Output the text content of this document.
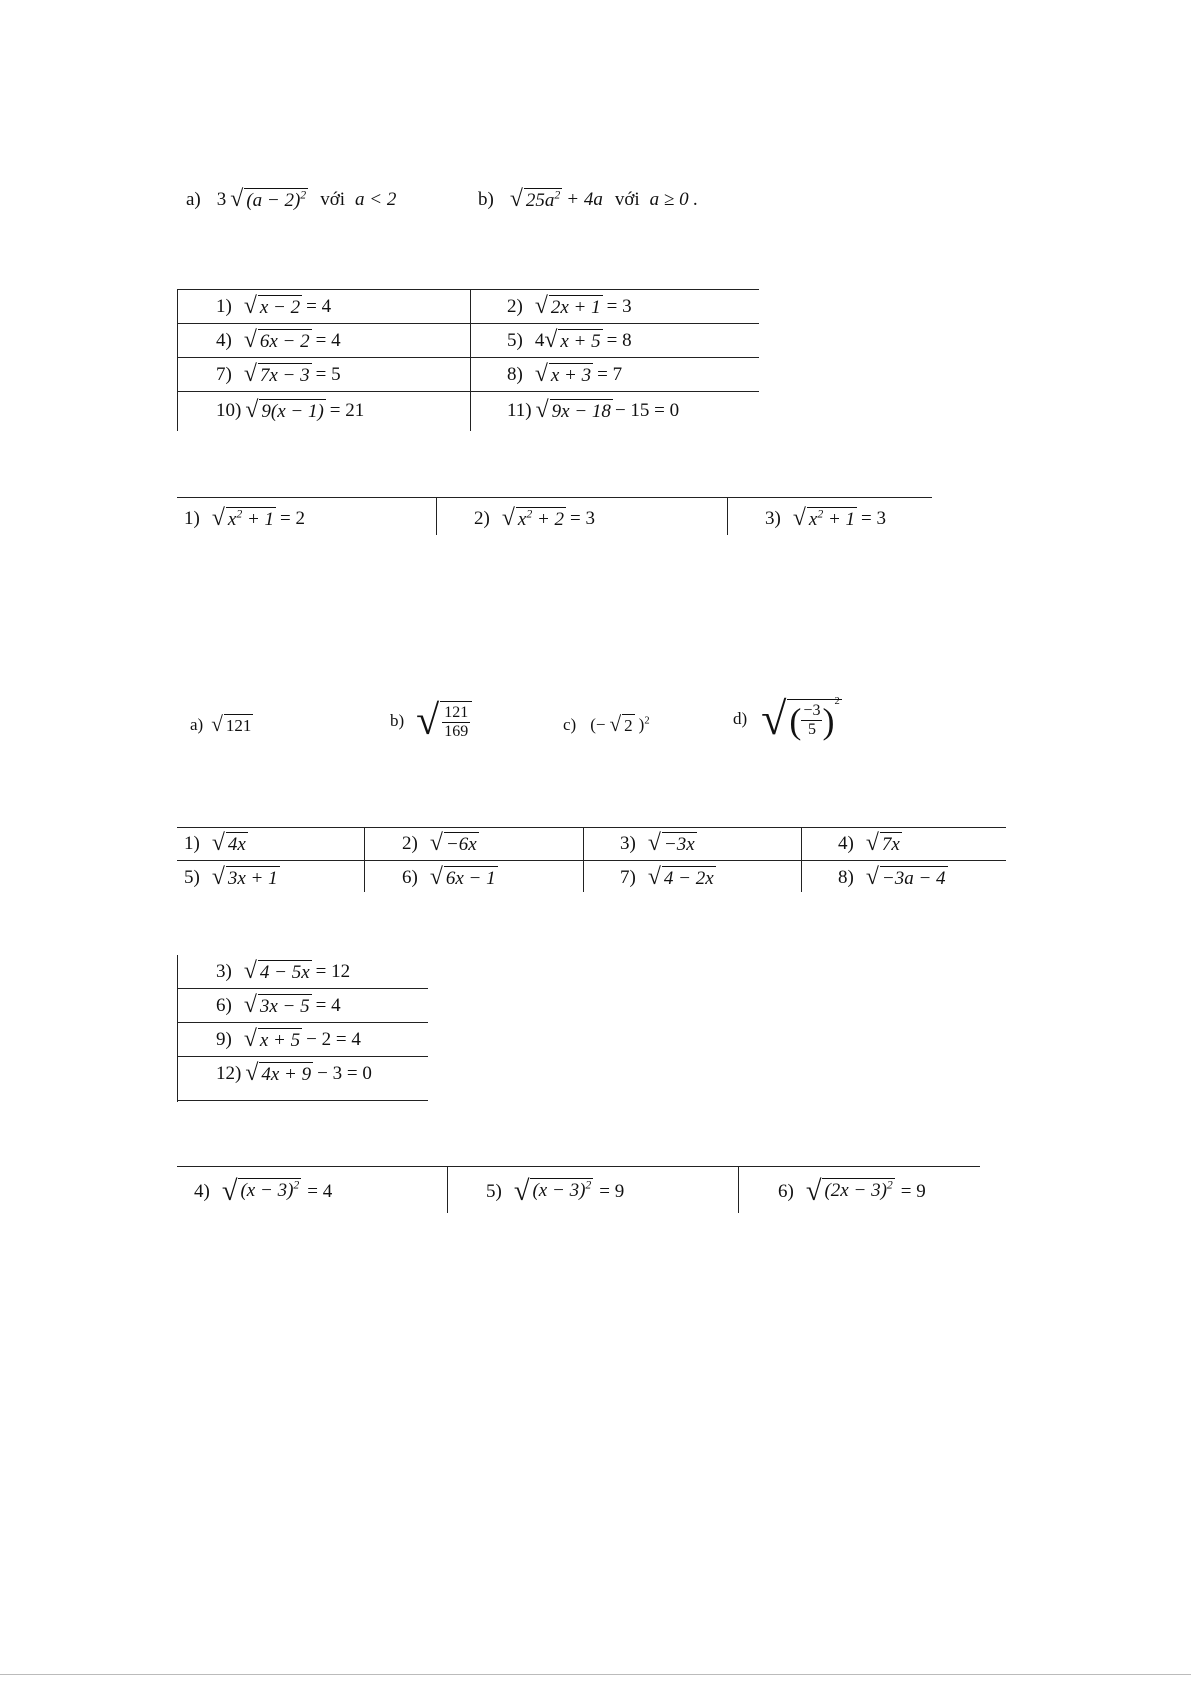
a) 3 √ $(a - 2)^2$ với a < 2	b) √ $25a^2 + 4a$ với a ≥ 0 .
1) √ x − 2 = 4	2) √ 2x + 1 = 3
4) √ 6x − 2 = 4	5) 4 √ x + 5 = 8
7) √ 7x − 3 = 5	8) √ x + 3 = 7
10) √ 9(x − 1) = 21	11) √ 9x − 18 − 15 = 0
1) √ $x^2 + 1 = 2$	2) √ $x^2 + 2 = 3$	3) √ $x^2 + 1 = 3$
a) √ 121	b) √ $\frac{121}{169}$	c) (− √ 2 )$^2$	d) √ ( $\frac{-3}{5}$ ) 2
1) √ 4x	2) √ −6x	3) √ −3x	4) √ 7x
5) √ 3x + 1	6) √ 6x − 1	7) √ 4 − 2x	8) √ −3a − 4
3) √ 4 − 5x = 12
6) √ 3x − 5 = 4
9) √ x + 5 − 2 = 4
12) √ 4x + 9 − 3 = 0
4) √ $(x - 3)^2 = 4$	5) √ $(x - 3)^2 = 9$	6) √ $(2x - 3)^2 = 9$
